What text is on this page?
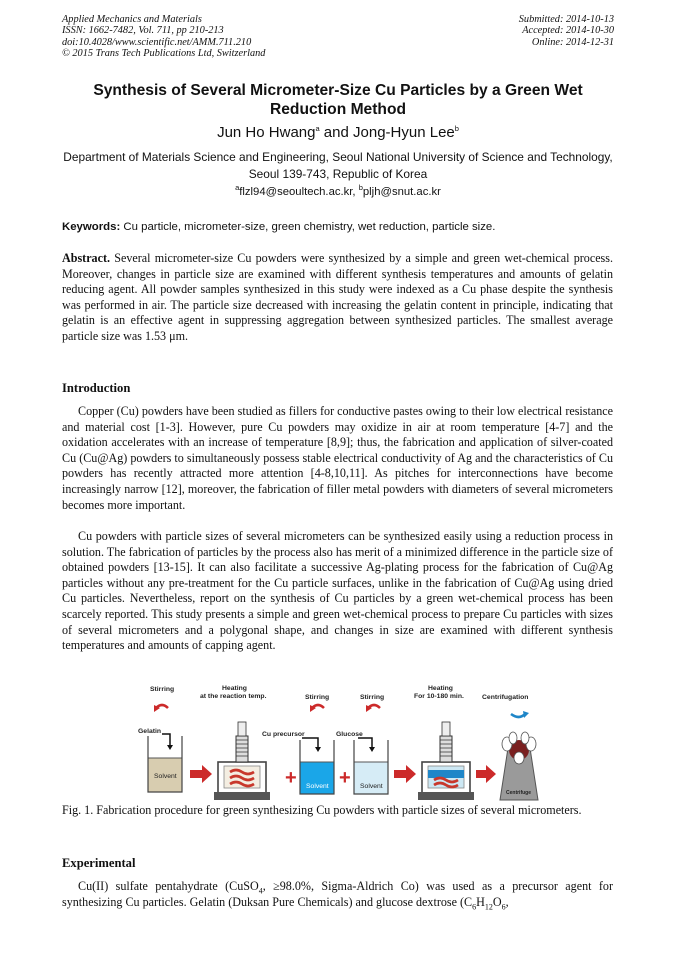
Applied Mechanics and Materials
ISSN: 1662-7482, Vol. 711, pp 210-213
doi:10.4028/www.scientific.net/AMM.711.210
© 2015 Trans Tech Publications Ltd, Switzerland
Submitted: 2014-10-13
Accepted: 2014-10-30
Online: 2014-12-31
Synthesis of Several Micrometer-Size Cu Particles by a Green Wet Reduction Method
Jun Ho Hwang$^a$ and Jong-Hyun Lee$^b$
Department of Materials Science and Engineering, Seoul National University of Science and Technology, Seoul 139-743, Republic of Korea
$^a$flzl94@seoultech.ac.kr, $^b$pljh@snut.ac.kr
Keywords: Cu particle, micrometer-size, green chemistry, wet reduction, particle size.
Abstract. Several micrometer-size Cu powders were synthesized by a simple and green wet-chemical process. Moreover, changes in particle size are examined with different synthesis temperatures and amounts of gelatin reducing agent. All powder samples synthesized in this study were indexed as a Cu phase despite the synthesis was performed in air. The particle size decreased with increasing the gelatin content in principle, indicating that gelatin is an effective agent in suppressing aggregation between synthesized particles. The smallest average particle size was 1.53 μm.
Introduction
Copper (Cu) powders have been studied as fillers for conductive pastes owing to their low electrical resistance and material cost [1-3]. However, pure Cu powders may oxidize in air at room temperature [4-7] and the oxidation accelerates with an increase of temperature [8,9]; thus, the fabrication and application of silver-coated Cu (Cu@Ag) powders to simultaneously possess stable electrical conductivity of Ag and the characteristics of Cu powders has recently attracted more attention [4-8,10,11]. As pitches for interconnections have become increasingly narrow [12], moreover, the fabrication of filler metal powders with diameters of several micrometers becomes more important.
Cu powders with particle sizes of several micrometers can be synthesized easily using a reduction process in solution. The fabrication of particles by the process also has merit of a minimized difference in the particle size of obtained powders [13-15]. It can also facilitate a successive Ag-plating process for the fabrication of Cu@Ag particles without any pre-treatment for the Cu particle surfaces, unlike in the fabrication of Cu@Ag using dried Cu particles. Nevertheless, report on the synthesis of Cu particles by a green wet-chemical process has been scarcely reported. This study presents a simple and green wet-chemical process to prepare Cu particles with sizes of several micrometers and a polygonal shape, and changes in size are examined with different synthesis temperatures and amounts of capping agent.
+ +
Stirring	Heating
at the reaction temp.	Stirring	Stirring
Heating
For 10-180 min.	Centrifugation
Gelatin	Cu precursor	Glucose
Solvent
Solvent	Solvent
Centrifuge
Fig. 1. Fabrication procedure for green synthesizing Cu powders with particle sizes of several micrometers.
Experimental
Cu(II) sulfate pentahydrate (CuSO$_4$, ≥98.0%, Sigma-Aldrich Co) was used as a precursor agent for synthesizing Cu particles. Gelatin (Duksan Pure Chemicals) and glucose dextrose ($C_6H_{12}O_6$,
